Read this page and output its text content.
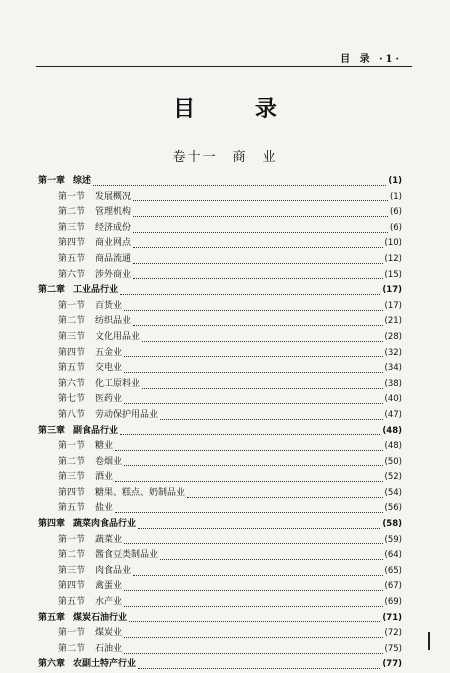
目 录 ·1·
目 录
卷十一　商　业
第一章 综述	(1)
第一节 发展概况	(1)
第二节 管理机构	(6)
第三节 经济成份	(6)
第四节 商业网点	(10)
第五节 商品流通	(12)
第六节 涉外商业	(15)
第二章 工业品行业	(17)
第一节 百货业	(17)
第二节 纺织品业	(21)
第三节 文化用品业	(28)
第四节 五金业	(32)
第五节 交电业	(34)
第六节 化工原料业	(38)
第七节 医药业	(40)
第八节 劳动保护用品业	(47)
第三章 副食品行业	(48)
第一节 糖业	(48)
第二节 卷烟业	(50)
第三节 酒业	(52)
第四节 糖果、糕点、奶制品业	(54)
第五节 盐业	(56)
第四章 蔬菜肉食品行业	(58)
第一节 蔬菜业	(59)
第二节 酱食豆类制品业	(64)
第三节 肉食品业	(65)
第四节 禽蛋业	(67)
第五节 水产业	(69)
第五章 煤炭石油行业	(71)
第一节 煤炭业	(72)
第二节 石油业	(75)
第六章 农副土特产行业	(77)
